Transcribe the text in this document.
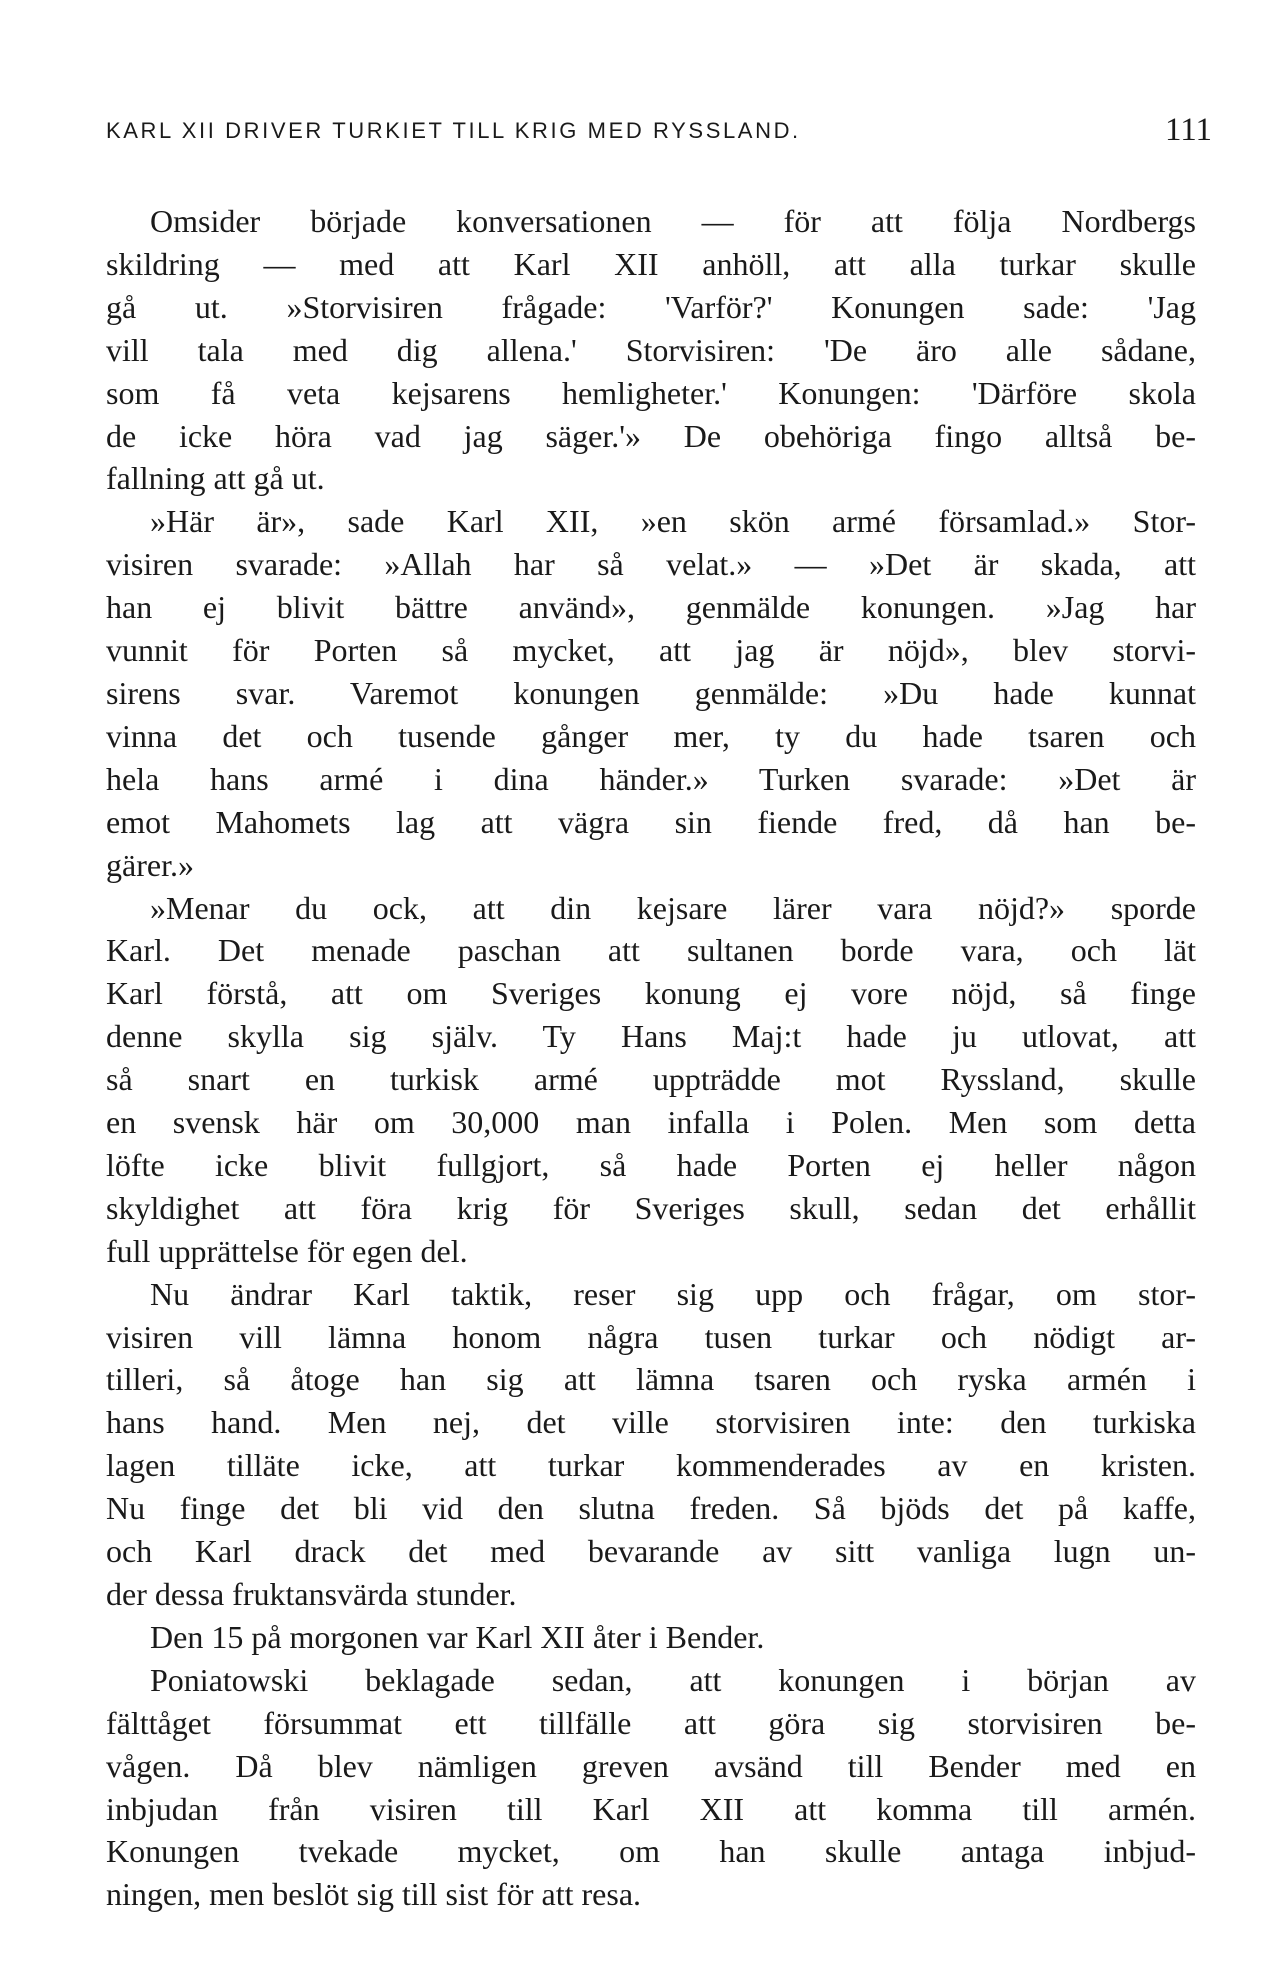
KARL XII DRIVER TURKIET TILL KRIG MED RYSSLAND.	111

Omsider började konversationen — för att följa Nordbergs
skildring — med att Karl XII anhöll, att alla turkar skulle
gå ut. »Storvisiren frågade: 'Varför?' Konungen sade: 'Jag
vill tala med dig allena.' Storvisiren: 'De äro alle sådane,
som få veta kejsarens hemligheter.' Konungen: 'Därföre skola
de icke höra vad jag säger.'» De obehöriga fingo alltså be-
fallning att gå ut.

»Här är», sade Karl XII, »en skön armé församlad.» Stor-
visiren svarade: »Allah har så velat.» — »Det är skada, att
han ej blivit bättre använd», genmälde konungen. »Jag har
vunnit för Porten så mycket, att jag är nöjd», blev storvi-
sirens svar. Varemot konungen genmälde: »Du hade kunnat
vinna det och tusende gånger mer, ty du hade tsaren och
hela hans armé i dina händer.» Turken svarade: »Det är
emot Mahomets lag att vägra sin fiende fred, då han be-
gärer.»

»Menar du ock, att din kejsare lärer vara nöjd?» sporde
Karl. Det menade paschan att sultanen borde vara, och lät
Karl förstå, att om Sveriges konung ej vore nöjd, så finge
denne skylla sig själv. Ty Hans Maj:t hade ju utlovat, att
så snart en turkisk armé uppträdde mot Ryssland, skulle
en svensk här om 30,000 man infalla i Polen. Men som detta
löfte icke blivit fullgjort, så hade Porten ej heller någon
skyldighet att föra krig för Sveriges skull, sedan det erhållit
full upprättelse för egen del.

Nu ändrar Karl taktik, reser sig upp och frågar, om stor-
visiren vill lämna honom några tusen turkar och nödigt ar-
tilleri, så åtoge han sig att lämna tsaren och ryska armén i
hans hand. Men nej, det ville storvisiren inte: den turkiska
lagen tilläte icke, att turkar kommenderades av en kristen.
Nu finge det bli vid den slutna freden. Så bjöds det på kaffe,
och Karl drack det med bevarande av sitt vanliga lugn un-
der dessa fruktansvärda stunder.

Den 15 på morgonen var Karl XII åter i Bender.

Poniatowski beklagade sedan, att konungen i början av
fälttåget försummat ett tillfälle att göra sig storvisiren be-
vågen. Då blev nämligen greven avsänd till Bender med en
inbjudan från visiren till Karl XII att komma till armén.
Konungen tvekade mycket, om han skulle antaga inbjud-
ningen, men beslöt sig till sist för att resa.
